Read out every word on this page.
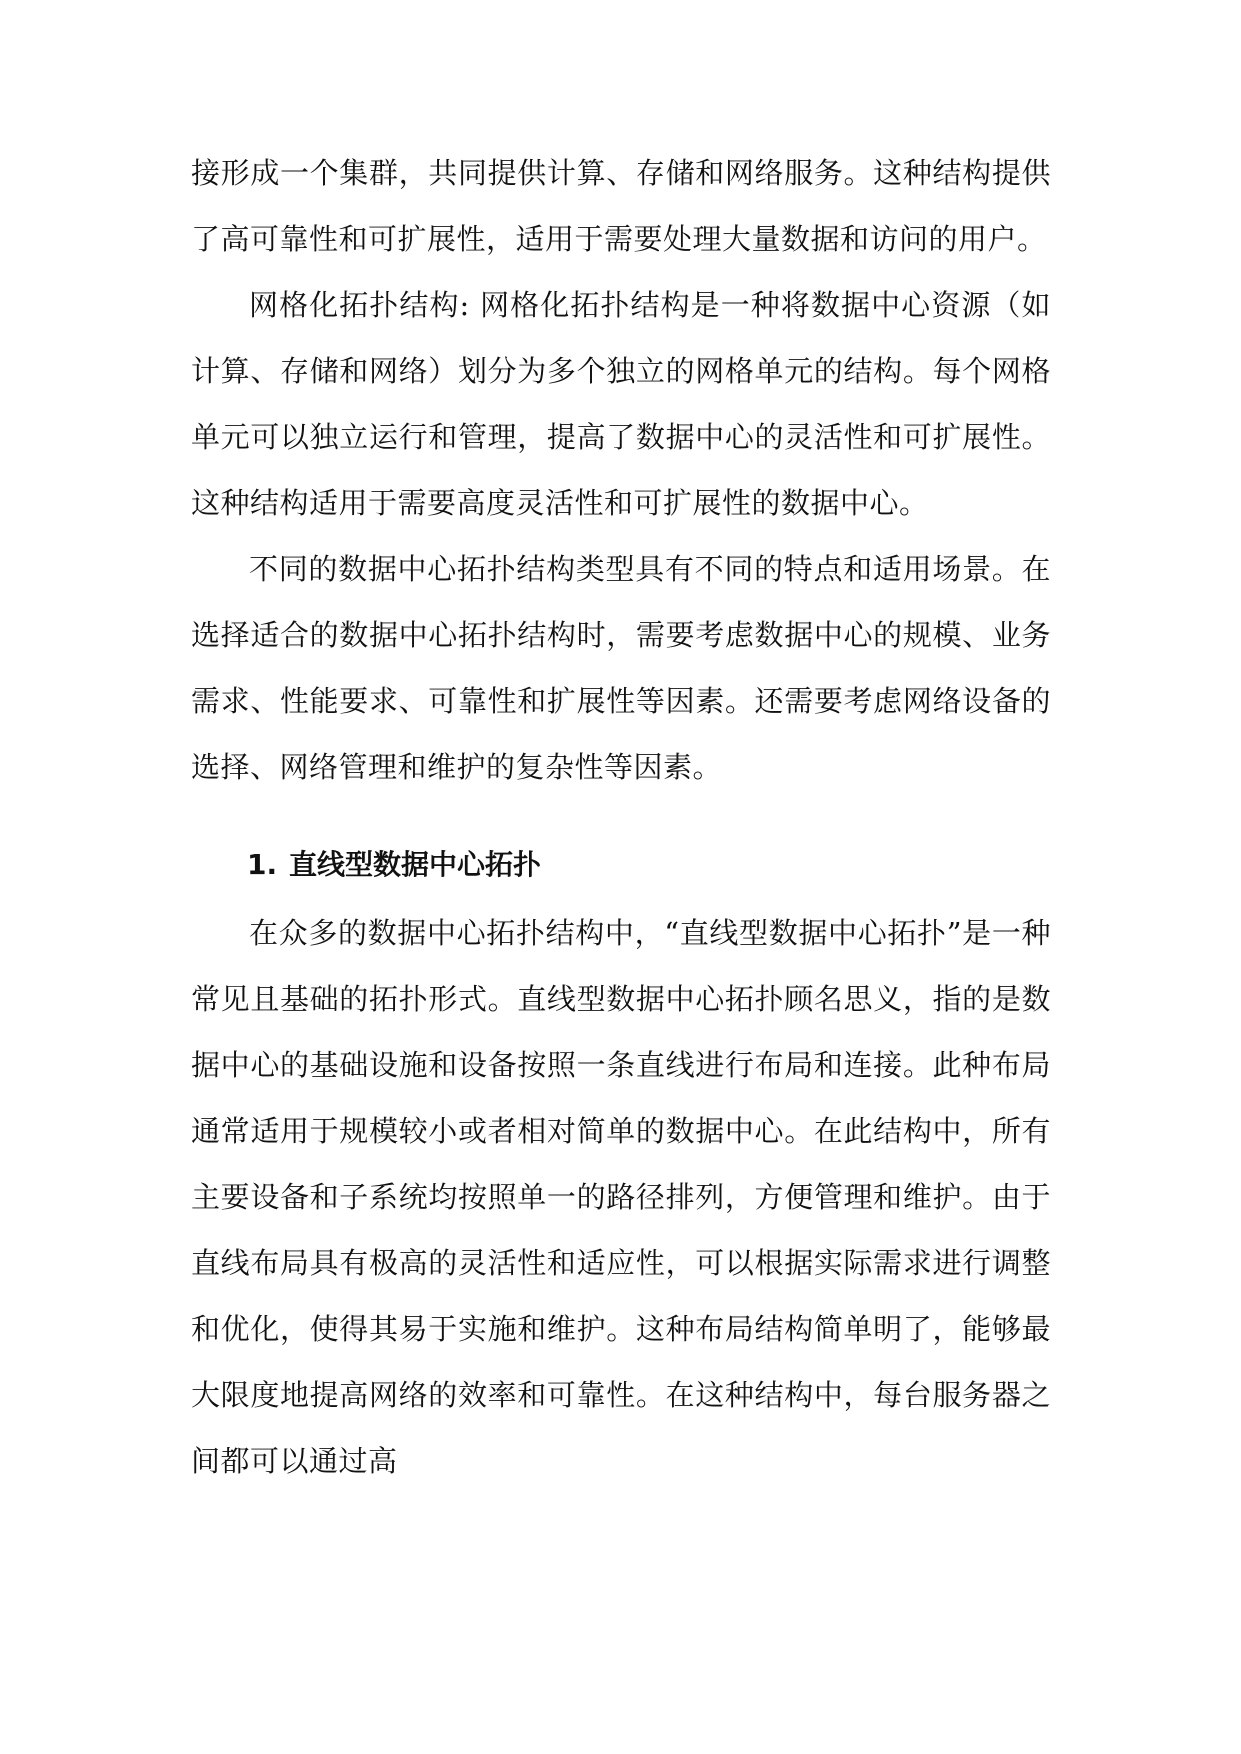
接形成一个集群，共同提供计算、存储和网络服务。这种结构提供了高可靠性和可扩展性，适用于需要处理大量数据和访问的用户。

网格化拓扑结构: 网格化拓扑结构是一种将数据中心资源（如计算、存储和网络）划分为多个独立的网格单元的结构。每个网格单元可以独立运行和管理，提高了数据中心的灵活性和可扩展性。这种结构适用于需要高度灵活性和可扩展性的数据中心。

不同的数据中心拓扑结构类型具有不同的特点和适用场景。在选择适合的数据中心拓扑结构时，需要考虑数据中心的规模、业务需求、性能要求、可靠性和扩展性等因素。还需要考虑网络设备的选择、网络管理和维护的复杂性等因素。

1. 直线型数据中心拓扑

在众多的数据中心拓扑结构中，“直线型数据中心拓扑”是一种常见且基础的拓扑形式。直线型数据中心拓扑顾名思义，指的是数据中心的基础设施和设备按照一条直线进行布局和连接。此种布局通常适用于规模较小或者相对简单的数据中心。在此结构中，所有主要设备和子系统均按照单一的路径排列，方便管理和维护。由于直线布局具有极高的灵活性和适应性，可以根据实际需求进行调整和优化，使得其易于实施和维护。这种布局结构简单明了，能够最大限度地提高网络的效率和可靠性。在这种结构中，每台服务器之间都可以通过高
